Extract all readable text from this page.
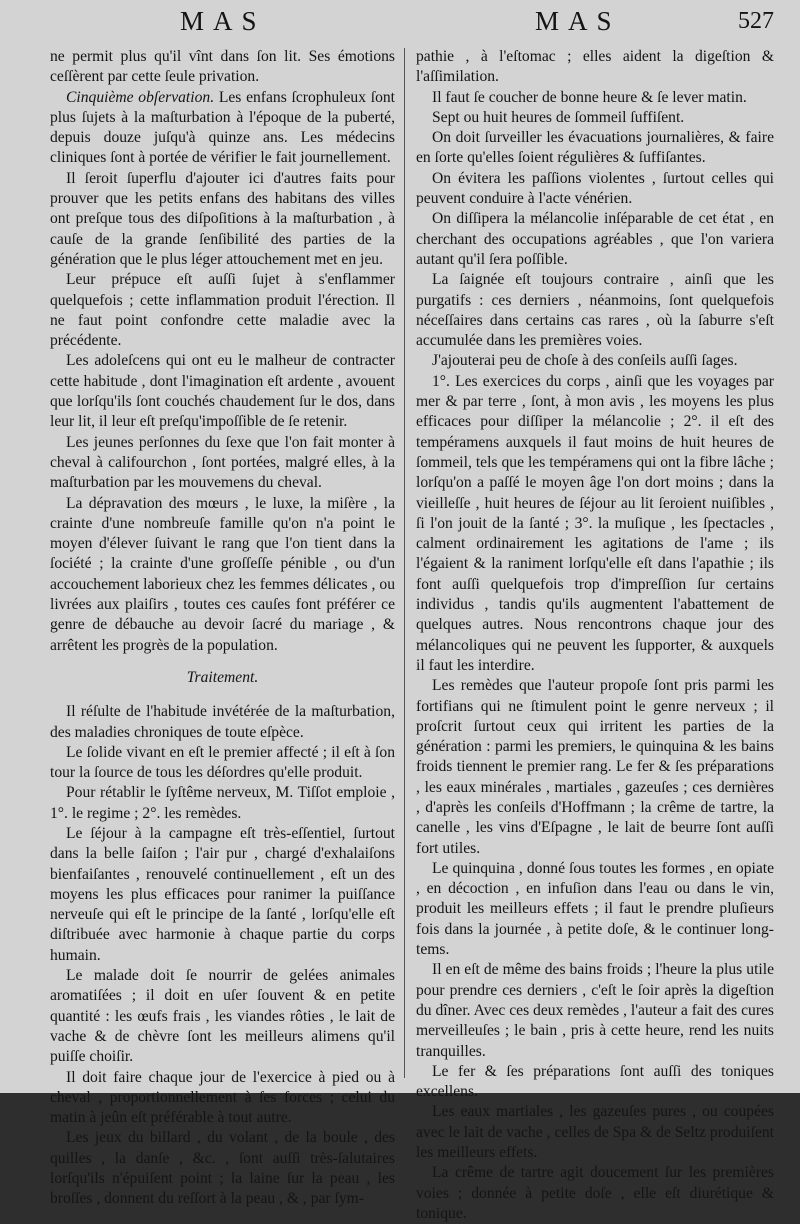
MAS	MAS	527

ne permit plus qu'il vînt dans ſon lit. Ses émotions ceſſèrent par cette ſeule privation.

Cinquième obſervation. Les enfans ſcrophuleux ſont plus ſujets à la maſturbation à l'époque de la puberté, depuis douze juſqu'à quinze ans. Les médecins cliniques ſont à portée de vérifier le fait journellement.

Il ſeroit ſuperflu d'ajouter ici d'autres faits pour prouver que les petits enfans des habitans des villes ont preſque tous des diſpoſitions à la maſturbation , à cauſe de la grande ſenſibilité des parties de la génération que le plus léger attouchement met en jeu.

Leur prépuce eſt auſſi ſujet à s'enflammer quelquefois ; cette inflammation produit l'érection. Il ne faut point confondre cette maladie avec la précédente.

Les adoleſcens qui ont eu le malheur de contracter cette habitude , dont l'imagination eſt ardente , avouent que lorſqu'ils ſont couchés chaudement ſur le dos, dans leur lit, il leur eſt preſqu'impoſſible de ſe retenir.

Les jeunes perſonnes du ſexe que l'on fait monter à cheval à califourchon , ſont portées, malgré elles, à la maſturbation par les mouvemens du cheval.

La dépravation des mœurs , le luxe, la miſère , la crainte d'une nombreuſe famille qu'on n'a point le moyen d'élever ſuivant le rang que l'on tient dans la ſociété ; la crainte d'une groſſeſſe pénible , ou d'un accouchement laborieux chez les femmes délicates , ou livrées aux plaiſirs , toutes ces cauſes font préférer ce genre de débauche au devoir ſacré du mariage , & arrêtent les progrès de la population.

Traitement.

Il réſulte de l'habitude invétérée de la maſturbation, des maladies chroniques de toute eſpèce.

Le ſolide vivant en eſt le premier affecté ; il eſt à ſon tour la ſource de tous les déſordres qu'elle produit.

Pour rétablir le ſyſtême nerveux, M. Tiſſot emploie , 1°. le regime ; 2°. les remèdes.

Le ſéjour à la campagne eſt très-eſſentiel, ſurtout dans la belle ſaiſon ; l'air pur , chargé d'exhalaiſons bienfaiſantes , renouvelé continuellement , eſt un des moyens les plus efficaces pour ranimer la puiſſance nerveuſe qui eſt le principe de la ſanté , lorſqu'elle eſt diſtribuée avec harmonie à chaque partie du corps humain.

Le malade doit ſe nourrir de gelées animales aromatiſées ; il doit en uſer ſouvent & en petite quantité : les œufs frais , les viandes rôties , le lait de vache & de chèvre ſont les meilleurs alimens qu'il puiſſe choiſir.

Il doit faire chaque jour de l'exercice à pied ou à cheval , proportionnellement à ſes forces ; celui du matin à jeûn eſt préférable à tout autre.

Les jeux du billard , du volant , de la boule , des quilles , la danſe , &c. , ſont auſſi très-ſalutaires lorſqu'ils n'épuiſent point ; la laine ſur la peau , les broſſes , donnent du reſſort à la peau , & , par ſym-

pathie , à l'eſtomac ; elles aident la digeſtion & l'aſſimilation.

Il faut ſe coucher de bonne heure & ſe lever matin.

Sept ou huit heures de ſommeil ſuffiſent.

On doit ſurveiller les évacuations journalières, & faire en ſorte qu'elles ſoient régulières & ſuffiſantes.

On évitera les paſſions violentes , ſurtout celles qui peuvent conduire à l'acte vénérien.

On diſſipera la mélancolie inſéparable de cet état , en cherchant des occupations agréables , que l'on variera autant qu'il ſera poſſible.

La ſaignée eſt toujours contraire , ainſi que les purgatifs : ces derniers , néanmoins, ſont quelquefois néceſſaires dans certains cas rares , où la ſaburre s'eſt accumulée dans les premières voies.

J'ajouterai peu de choſe à des conſeils auſſi ſages.

1°. Les exercices du corps , ainſi que les voyages par mer & par terre , ſont, à mon avis , les moyens les plus efficaces pour diſſiper la mélancolie ; 2°. il eſt des tempéramens auxquels il faut moins de huit heures de ſommeil, tels que les tempéramens qui ont la fibre lâche ; lorſqu'on a paſſé le moyen âge l'on dort moins ; dans la vieilleſſe , huit heures de ſéjour au lit ſeroient nuiſibles , ſi l'on jouit de la ſanté ; 3°. la muſique , les ſpectacles , calment ordinairement les agitations de l'ame ; ils l'égaient & la raniment lorſqu'elle eſt dans l'apathie ; ils font auſſi quelquefois trop d'impreſſion ſur certains individus , tandis qu'ils augmentent l'abattement de quelques autres. Nous rencontrons chaque jour des mélancoliques qui ne peuvent les ſupporter, & auxquels il faut les interdire.

Les remèdes que l'auteur propoſe ſont pris parmi les fortifians qui ne ſtimulent point le genre nerveux ; il proſcrit ſurtout ceux qui irritent les parties de la génération : parmi les premiers, le quinquina & les bains froids tiennent le premier rang. Le fer & ſes préparations , les eaux minérales , martiales , gazeuſes ; ces dernières , d'après les conſeils d'Hoffmann ; la crême de tartre, la canelle , les vins d'Eſpagne , le lait de beurre ſont auſſi fort utiles.

Le quinquina , donné ſous toutes les formes , en opiate , en décoction , en infuſion dans l'eau ou dans le vin, produit les meilleurs effets ; il faut le prendre pluſieurs fois dans la journée , à petite doſe, & le continuer long-tems.

Il en eſt de même des bains froids ; l'heure la plus utile pour prendre ces derniers , c'eſt le ſoir après la digeſtion du dîner. Avec ces deux remèdes , l'auteur a fait des cures merveilleuſes ; le bain , pris à cette heure, rend les nuits tranquilles.

Le fer & ſes préparations ſont auſſi des toniques excellens.

Les eaux martiales , les gazeuſes pures , ou coupées avec le lait de vache , celles de Spa & de Seltz produiſent les meilleurs effets.

La crême de tartre agit doucement ſur les premières voies ; donnée à petite doſe , elle eſt diurétique & tonique.
